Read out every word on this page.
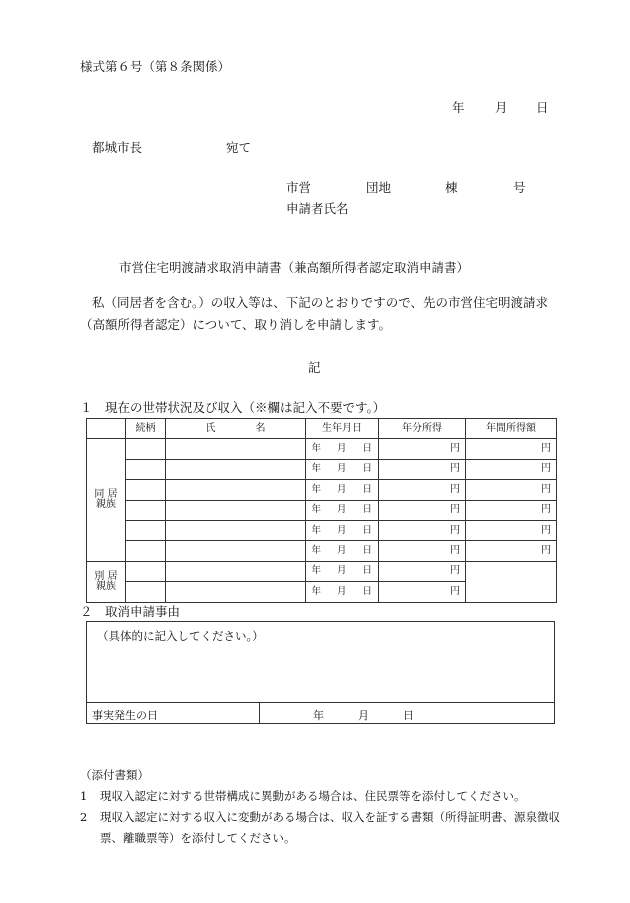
様式第６号（第８条関係）
年 月 日
都城市長	宛て
市営	団地	棟	号
申請者氏名
市営住宅明渡請求取消申請書（兼高額所得者認定取消申請書）
私（同居者を含む。）の収入等は、下記のとおりですので、先の市営住宅明渡請求（高額所得者認定）について、取り消しを申請します。
記
１　現在の世帯状況及び収入（※欄は記入不要です。）
	続柄	氏 名	生年月日	年分所得	年間所得額
同 居
親族			年 月 日	円	円

			年 月 日	円	円

			年 月 日	円	円

			年 月 日	円	円

			年 月 日	円	円

			年 月 日	円	円
別 居
親族			年 月 日	円	

			年 月 日	円	
２　取消申請事由
（具体的に記入してください。）
事実発生の日	年	月	日
（添付書類）
1	現収入認定に対する世帯構成に異動がある場合は、住民票等を添付してください。
2	現収入認定に対する収入に変動がある場合は、収入を証する書類（所得証明書、源泉徴収票、離職票等）を添付してください。
